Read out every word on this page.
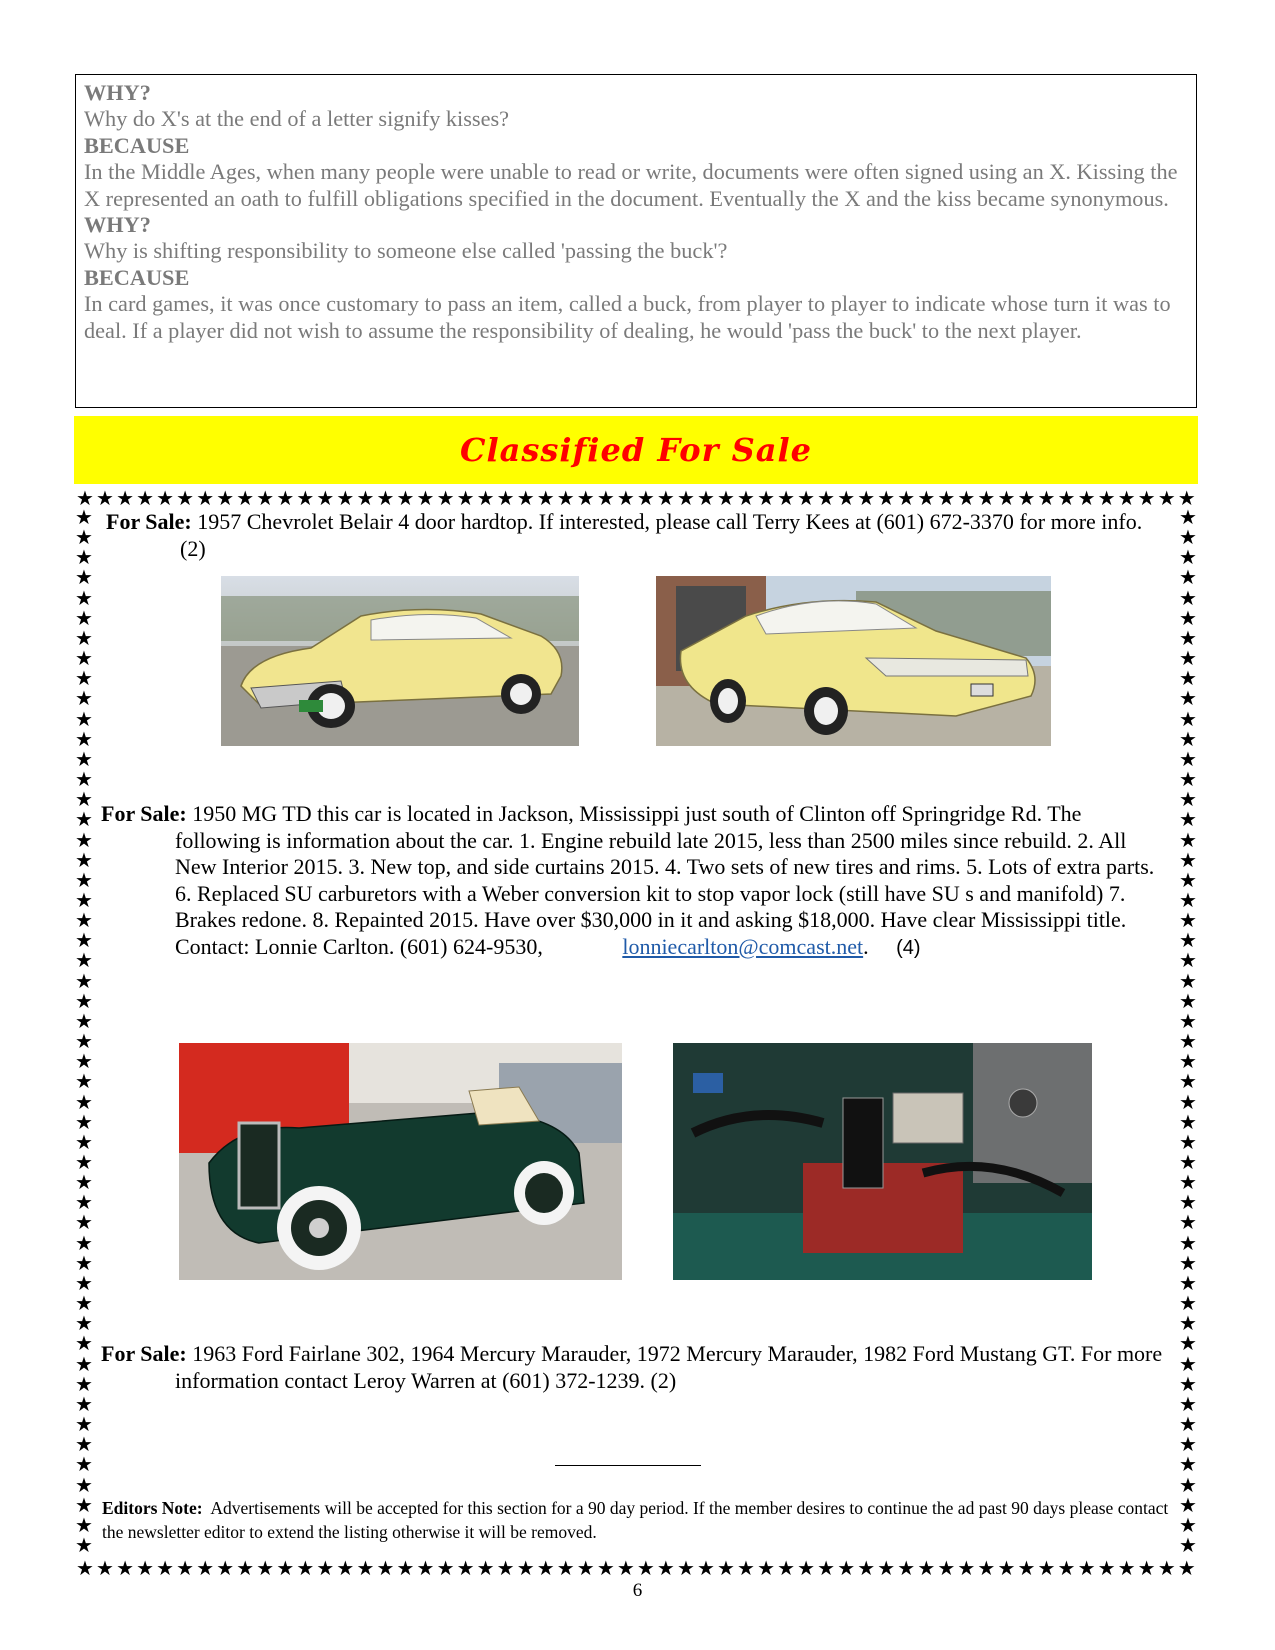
WHY?
Why do X's at the end of a letter signify kisses?
BECAUSE
In the Middle Ages, when many people were unable to read or write, documents were often signed using an X. Kissing the X represented an oath to fulfill obligations specified in the document. Eventually the X and the kiss became synonymous.
WHY?
Why is shifting responsibility to someone else called 'passing the buck'?
BECAUSE
In card games, it was once customary to pass an item, called a buck, from player to player to indicate whose turn it was to deal. If a player did not wish to assume the responsibility of dealing, he would 'pass the buck' to the next player.
Classified For Sale
★ ★ ★ ★ ★ ★ ★ ★ ★ ★ ★ ★ ★ ★ ★ ★ ★ ★ ★ ★ ★ ★ ★ ★ ★ ★ ★ ★ ★ ★ ★ ★ ★ ★ ★ ★ ★ ★ ★ ★ ★ ★ ★ ★ ★ ★ ★ ★ ★ ★ ★ ★ ★ ★ ★ ★
★ ★ ★ ★ ★ ★ ★ ★ ★ ★ ★ ★ ★ ★ ★ ★ ★ ★ ★ ★ ★ ★ ★ ★ ★ ★ ★ ★ ★ ★ ★ ★ ★ ★ ★ ★ ★ ★ ★ ★ ★ ★ ★ ★ ★ ★ ★ ★ ★ ★ ★ ★ ★ ★ ★ ★
★
★
★
★
★
★
★
★
★
★
★
★
★
★
★
★
★
★
★
★
★
★
★
★
★
★
★
★
★
★
★
★
★
★
★
★
★
★
★
★
★
★
★
★
★
★
★
★
★
★
★
★
★
★
★
★
★
★
★
★
★
★
★
★
★
★
★
★
★
★
★
★
★
★
★
★
★
★
★
★
★
★
★
★
★
★
★
★
★
★
★
★
★
★
★
★
★
★
★
★
★
★
★
★
For Sale: 1957 Chevrolet Belair 4 door hardtop. If interested, please call Terry Kees at (601) 672-3370 for more info. (2)
For Sale: 1950 MG TD this car is located in Jackson, Mississippi just south of Clinton off Springridge Rd. The following is information about the car. 1. Engine rebuild late 2015, less than 2500 miles since rebuild. 2. All New Interior 2015. 3. New top, and side curtains 2015. 4. Two sets of new tires and rims. 5. Lots of extra parts. 6. Replaced SU carburetors with a Weber conversion kit to stop vapor lock (still have SU s and manifold) 7. Brakes redone. 8. Repainted 2015. Have over $30,000 in it and asking $18,000. Have clear Mississippi title. Contact: Lonnie Carlton. (601) 624-9530,	lonniecarlton@comcast.net. (4)
For Sale: 1963 Ford Fairlane 302, 1964 Mercury Marauder, 1972 Mercury Marauder, 1982 Ford Mustang GT. For more information contact Leroy Warren at (601) 372-1239. (2)
Editors Note: Advertisements will be accepted for this section for a 90 day period. If the member desires to continue the ad past 90 days please contact the newsletter editor to extend the listing otherwise it will be removed.
6
